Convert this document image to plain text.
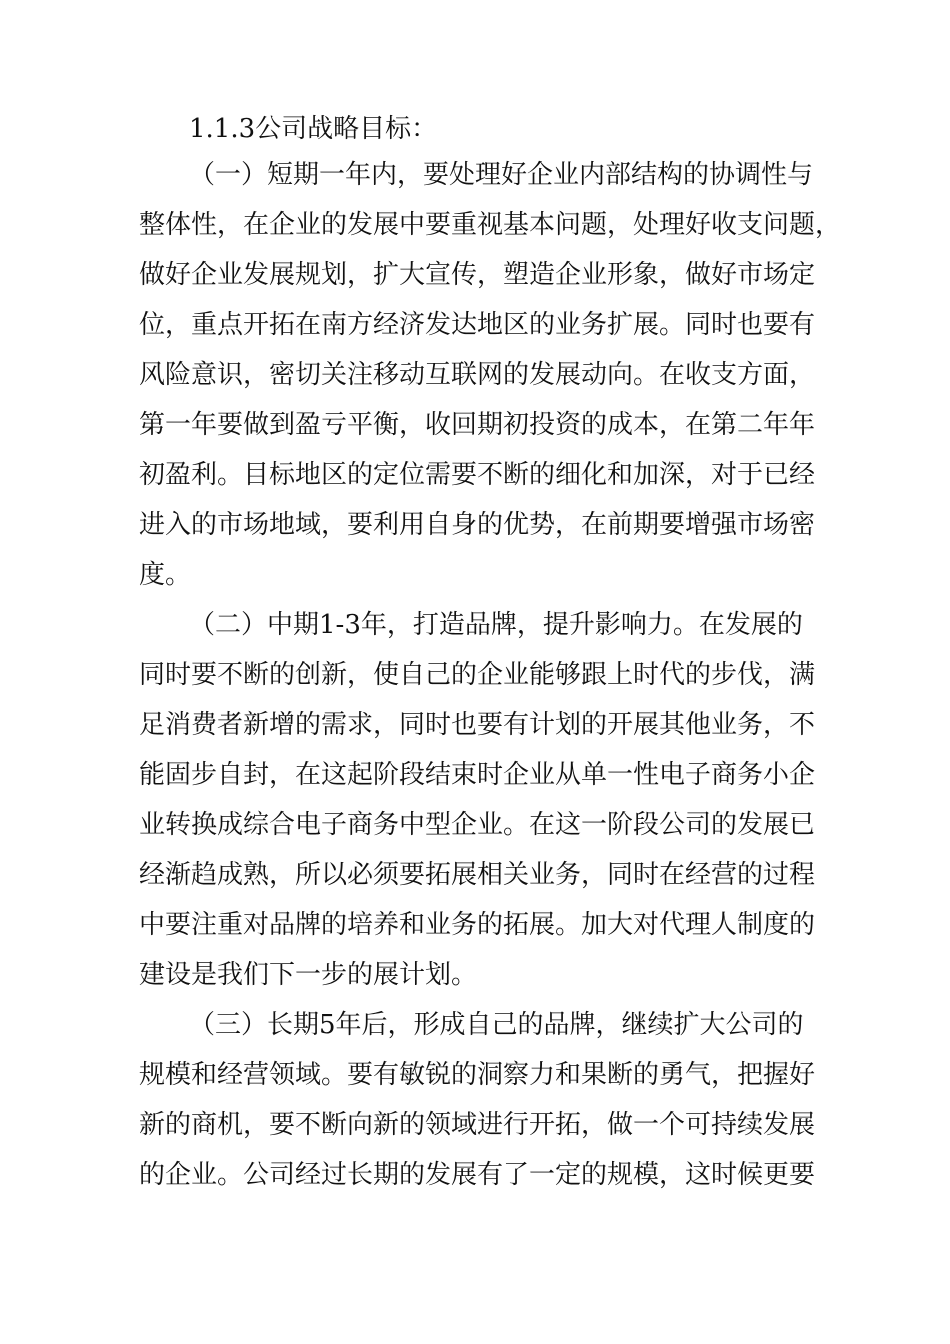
1.1.3公司战略目标：

（一）短期一年内，要处理好企业内部结构的协调性与

整体性，在企业的发展中要重视基本问题，处理好收支问题，

做好企业发展规划，扩大宣传，塑造企业形象，做好市场定

位，重点开拓在南方经济发达地区的业务扩展。同时也要有

风险意识，密切关注移动互联网的发展动向。在收支方面，

第一年要做到盈亏平衡，收回期初投资的成本，在第二年年

初盈利。目标地区的定位需要不断的细化和加深，对于已经

进入的市场地域，要利用自身的优势，在前期要增强市场密

度。

（二）中期1-3年，打造品牌，提升影响力。在发展的

同时要不断的创新，使自己的企业能够跟上时代的步伐，满

足消费者新增的需求，同时也要有计划的开展其他业务，不

能固步自封，在这起阶段结束时企业从单一性电子商务小企

业转换成综合电子商务中型企业。在这一阶段公司的发展已

经渐趋成熟，所以必须要拓展相关业务，同时在经营的过程

中要注重对品牌的培养和业务的拓展。加大对代理人制度的

建设是我们下一步的展计划。

（三）长期5年后，形成自己的品牌，继续扩大公司的

规模和经营领域。要有敏锐的洞察力和果断的勇气，把握好

新的商机，要不断向新的领域进行开拓，做一个可持续发展

的企业。公司经过长期的发展有了一定的规模，这时候更要
